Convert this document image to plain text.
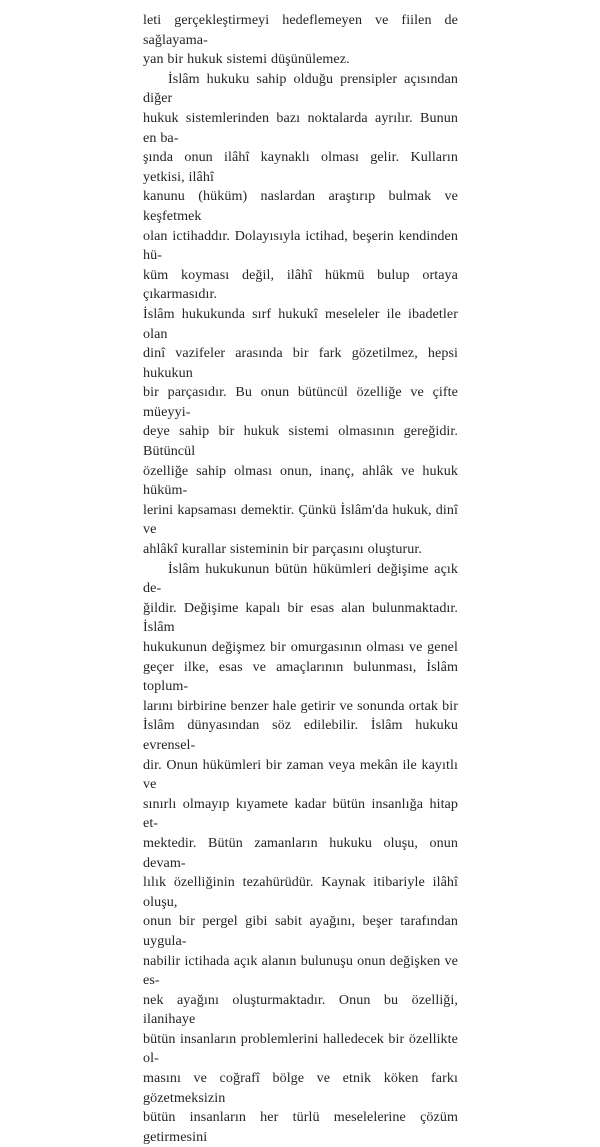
leti gerçekleştirmeyi hedeflemeyen ve fiilen de sağlayama-
yan bir hukuk sistemi düşünülemez.

İslâm hukuku sahip olduğu prensipler açısından diğer
hukuk sistemlerinden bazı noktalarda ayrılır. Bunun en ba-
şında onun ilâhî kaynaklı olması gelir. Kulların yetkisi, ilâhî
kanunu (hüküm) naslardan araştırıp bulmak ve keşfetmek
olan ictihaddır. Dolayısıyla ictihad, beşerin kendinden hü-
küm koyması değil, ilâhî hükmü bulup ortaya çıkarmasıdır.
İslâm hukukunda sırf hukukî meseleler ile ibadetler olan
dinî vazifeler arasında bir fark gözetilmez, hepsi hukukun
bir parçasıdır. Bu onun bütüncül özelliğe ve çifte müeyyi-
deye sahip bir hukuk sistemi olmasının gereğidir. Bütüncül
özelliğe sahip olması onun, inanç, ahlâk ve hukuk hüküm-
lerini kapsaması demektir. Çünkü İslâm'da hukuk, dinî ve
ahlâkî kurallar sisteminin bir parçasını oluşturur.

İslâm hukukunun bütün hükümleri değişime açık de-
ğildir. Değişime kapalı bir esas alan bulunmaktadır. İslâm
hukukunun değişmez bir omurgasının olması ve genel
geçer ilke, esas ve amaçlarının bulunması, İslâm toplum-
larını birbirine benzer hale getirir ve sonunda ortak bir
İslâm dünyasından söz edilebilir. İslâm hukuku evrensel-
dir. Onun hükümleri bir zaman veya mekân ile kayıtlı ve
sınırlı olmayıp kıyamete kadar bütün insanlığa hitap et-
mektedir. Bütün zamanların hukuku oluşu, onun devam-
lılık özelliğinin tezahürüdür. Kaynak itibariyle ilâhî oluşu,
onun bir pergel gibi sabit ayağını, beşer tarafından uygula-
nabilir ictihada açık alanın bulunuşu onun değişken ve es-
nek ayağını oluşturmaktadır. Onun bu özelliği, ilanihaye
bütün insanların problemlerini halledecek bir özellikte ol-
masını ve coğrafî bölge ve etnik köken farkı gözetmeksizin
bütün insanların her türlü meselelerine çözüm getirmesini
